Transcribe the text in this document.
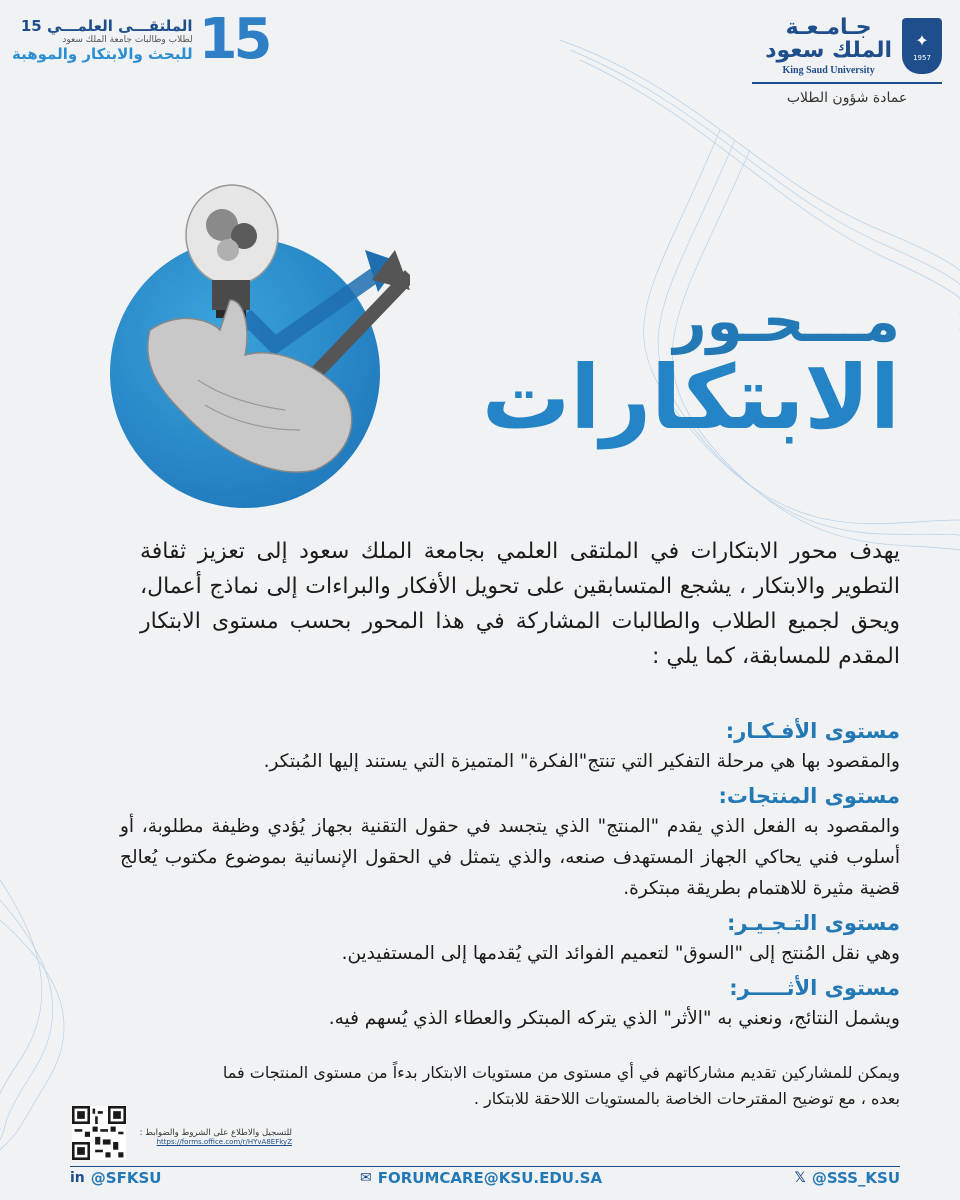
جـامـعـة
الملك سعود
King Saud University
✦
1957
عمادة شؤون الطلاب
الملتقـــى العلمـــي 15
لطلاب وطالبات جامعة الملك سعود
للبحث والابتكار والموهبة 15
مـــحـور
الابتكارات
يهدف محور الابتكارات في الملتقى العلمي بجامعة الملك سعود إلى تعزيز ثقافة التطوير والابتكار ، يشجع المتسابقين على تحويل الأفكار والبراءات إلى نماذج أعمال، ويحق لجميع الطلاب والطالبات المشاركة في هذا المحور بحسب مستوى الابتكار المقدم للمسابقة، كما يلي :
مستوى الأفـكـار:
والمقصود بها هي مرحلة التفكير التي تنتج"الفكرة" المتميزة التي يستند إليها المُبتكر.
مستوى المنتجات:
والمقصود به الفعل الذي يقدم "المنتج" الذي يتجسد في حقول التقنية بجهاز يُؤدي وظيفة مطلوبة، أو أسلوب فني يحاكي الجهاز المستهدف صنعه، والذي يتمثل في الحقول الإنسانية بموضوع مكتوب يُعالج قضية مثيرة للاهتمام بطريقة مبتكرة.
مستوى التـجـيـر:
وهي نقل المُنتج إلى "السوق" لتعميم الفوائد التي يُقدمها إلى المستفيدين.
مستوى الأثـــــر:
ويشمل النتائج، ونعني به "الأثر" الذي يتركه المبتكر والعطاء الذي يُسهم فيه.
ويمكن للمشاركين تقديم مشاركاتهم في أي مستوى من مستويات الابتكار بدءاً من مستوى المنتجات فما بعده ، مع توضيح المقترحات الخاصة بالمستويات اللاحقة للابتكار .
للتسجيل والاطلاع على الشروط والضوابط :
https://forms.office.com/r/HYvA8EFkyZ
in @SFKSU	✉ FORUMCARE@KSU.EDU.SA	𝕏 @SSS_KSU
